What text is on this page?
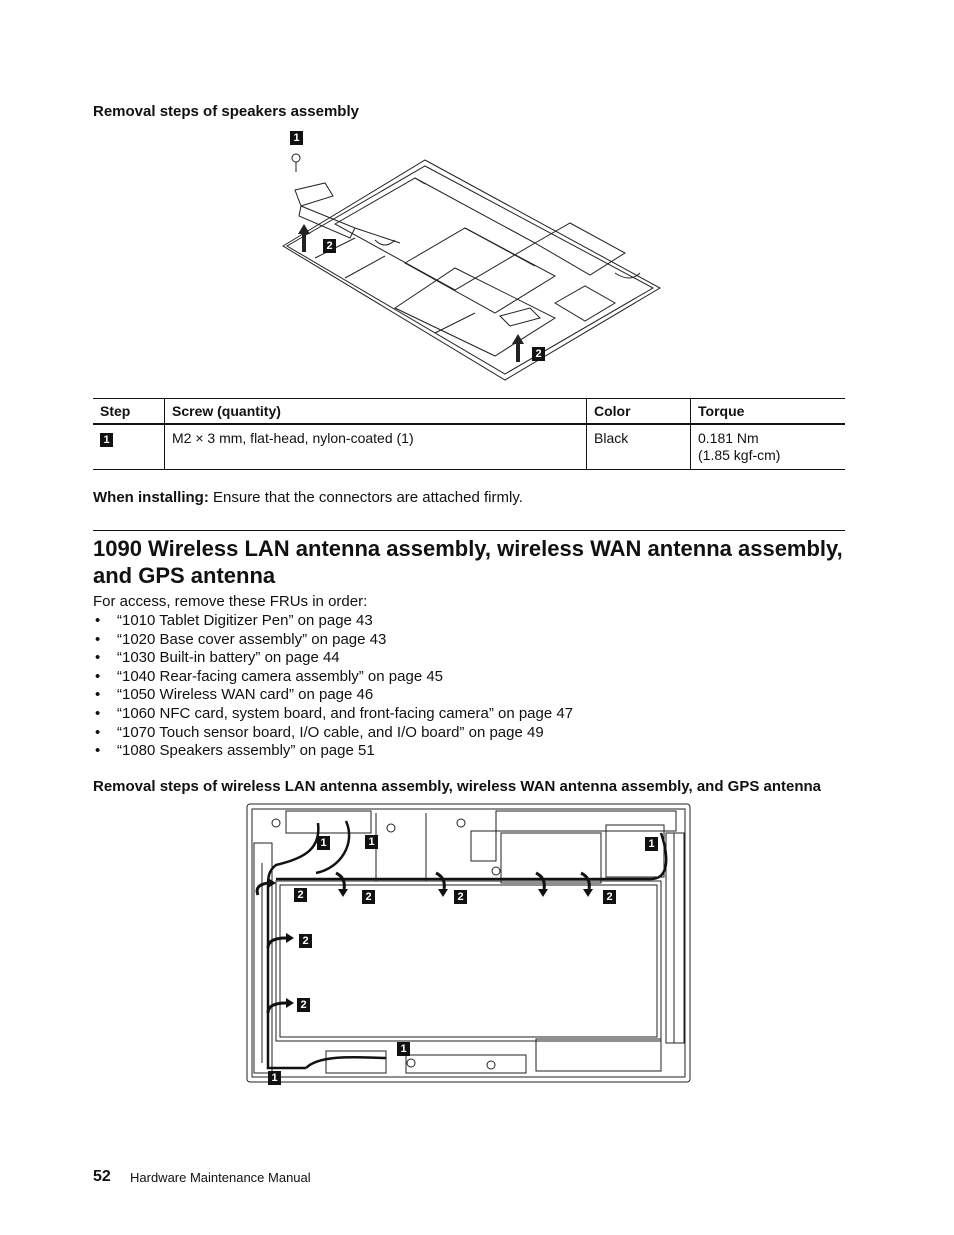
Removal steps of speakers assembly
1
2
2
Step	Screw (quantity)	Color	Torque
1	M2 × 3 mm, flat-head, nylon-coated (1)	Black	0.181 Nm
(1.85 kgf-cm)
When installing: Ensure that the connectors are attached firmly.
1090 Wireless LAN antenna assembly, wireless WAN antenna assembly,
and GPS antenna
For access, remove these FRUs in order:
• “1010 Tablet Digitizer Pen” on page 43
• “1020 Base cover assembly” on page 43
• “1030 Built-in battery” on page 44
• “1040 Rear-facing camera assembly” on page 45
• “1050 Wireless WAN card” on page 46
• “1060 NFC card, system board, and front-facing camera” on page 47
• “1070 Touch sensor board, I/O cable, and I/O board” on page 49
• “1080 Speakers assembly” on page 51
Removal steps of wireless LAN antenna assembly, wireless WAN antenna assembly, and GPS antenna
1	1	1
2	2	2	2
2
2
1
1
52 Hardware Maintenance Manual
